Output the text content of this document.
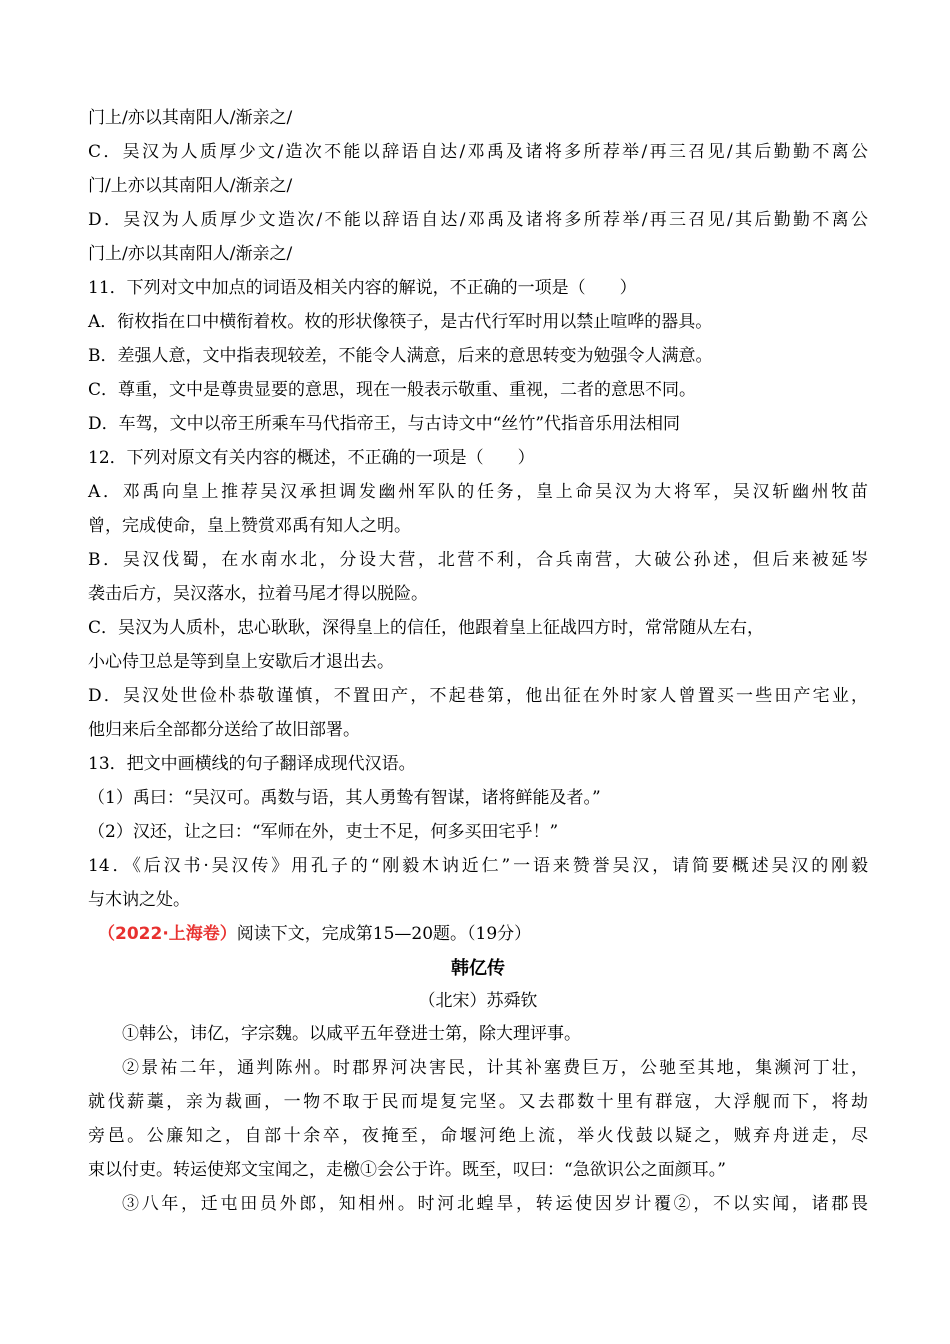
门上/亦以其南阳人/渐亲之/
C．吴汉为人质厚少文/造次不能以辞语自达/邓禹及诸将多所荐举/再三召见/其后勤勤不离公
门/上亦以其南阳人/渐亲之/
D．吴汉为人质厚少文造次/不能以辞语自达/邓禹及诸将多所荐举/再三召见/其后勤勤不离公
门上/亦以其南阳人/渐亲之/
11．下列对文中加点的词语及相关内容的解说，不正确的一项是（　　）
A．衔枚指在口中横衔着枚。枚的形状像筷子，是古代行军时用以禁止喧哗的器具。
B．差强人意，文中指表现较差，不能令人满意，后来的意思转变为勉强令人满意。
C．尊重，文中是尊贵显要的意思，现在一般表示敬重、重视，二者的意思不同。
D．车驾，文中以帝王所乘车马代指帝王，与古诗文中“丝竹”代指音乐用法相同
12．下列对原文有关内容的概述，不正确的一项是（　　）
A．邓禹向皇上推荐吴汉承担调发幽州军队的任务，皇上命吴汉为大将军，吴汉斩幽州牧苗
曾，完成使命，皇上赞赏邓禹有知人之明。
B．吴汉伐蜀，在水南水北，分设大营，北营不利，合兵南营，大破公孙述，但后来被延岑
袭击后方，吴汉落水，拉着马尾才得以脱险。
C．吴汉为人质朴，忠心耿耿，深得皇上的信任，他跟着皇上征战四方时，常常随从左右，
小心侍卫总是等到皇上安歇后才退出去。
D．吴汉处世俭朴恭敬谨慎，不置田产，不起巷第，他出征在外时家人曾置买一些田产宅业，
他归来后全部都分送给了故旧部署。
13．把文中画横线的句子翻译成现代汉语。
（1）禹曰：“吴汉可。禹数与语，其人勇鸷有智谋，诸将鲜能及者。”
（2）汉还，让之曰：“军师在外，吏士不足，何多买田宅乎！”
14．《后汉书·吴汉传》用孔子的“刚毅木讷近仁”一语来赞誉吴汉，请简要概述吴汉的刚毅
与木讷之处。
（2022·上海卷）阅读下文，完成第15—20题。（19分）
韩亿传
（北宋）苏舜钦
①韩公，讳亿，字宗魏。以咸平五年登进士第，除大理评事。
②景祐二年，通判陈州。时郡界河决害民，计其补塞费巨万，公驰至其地，集濒河丁壮，
就伐薪藁，亲为裁画，一物不取于民而堤复完坚。又去郡数十里有群寇，大浮舰而下，将劫
旁邑。公廉知之，自部十余卒，夜掩至，命堰河绝上流，举火伐鼓以疑之，贼弃舟迸走，尽
束以付吏。转运使郑文宝闻之，走檄①会公于许。既至，叹曰：“急欲识公之面颜耳。”
③八年，迁屯田员外郎，知相州。时河北蝗旱，转运使因岁计覆②，不以实闻，诸郡畏
